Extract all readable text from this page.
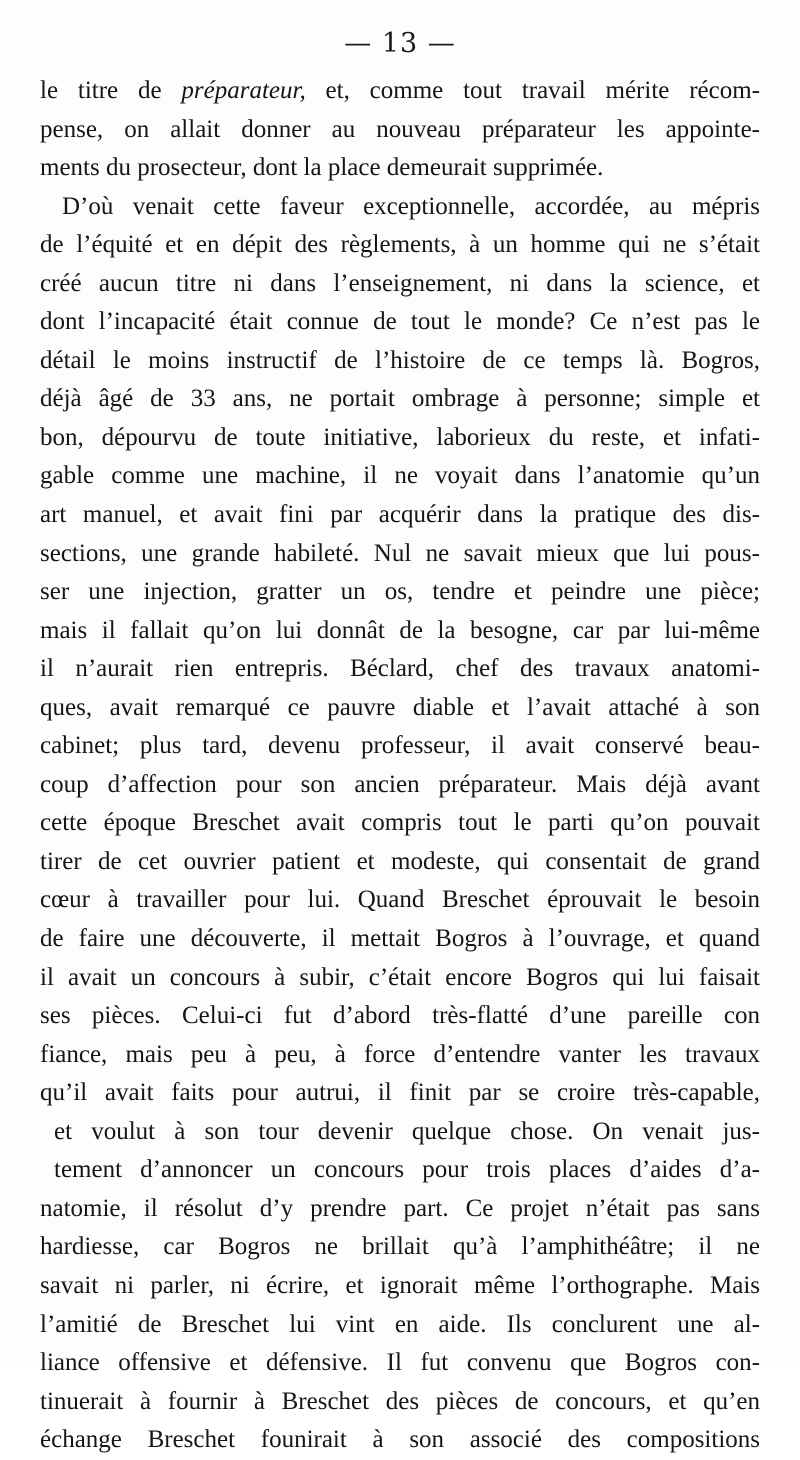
— 13 —
le titre de préparateur, et, comme tout travail mérite récom-
pense, on allait donner au nouveau préparateur les appointe-
ments du prosecteur, dont la place demeurait supprimée.
D’où venait cette faveur exceptionnelle, accordée, au mépris
de l’équité et en dépit des règlements, à un homme qui ne s’était
créé aucun titre ni dans l’enseignement, ni dans la science, et
dont l’incapacité était connue de tout le monde? Ce n’est pas le
détail le moins instructif de l’histoire de ce temps là. Bogros,
déjà âgé de 33 ans, ne portait ombrage à personne; simple et
bon, dépourvu de toute initiative, laborieux du reste, et infati-
gable comme une machine, il ne voyait dans l’anatomie qu’un
art manuel, et avait fini par acquérir dans la pratique des dis-
sections, une grande habileté. Nul ne savait mieux que lui pous-
ser une injection, gratter un os, tendre et peindre une pièce;
mais il fallait qu’on lui donnât de la besogne, car par lui-même
il n’aurait rien entrepris. Béclard, chef des travaux anatomi-
ques, avait remarqué ce pauvre diable et l’avait attaché à son
cabinet; plus tard, devenu professeur, il avait conservé beau-
coup d’affection pour son ancien préparateur. Mais déjà avant
cette époque Breschet avait compris tout le parti qu’on pouvait
tirer de cet ouvrier patient et modeste, qui consentait de grand
cœur à travailler pour lui. Quand Breschet éprouvait le besoin
de faire une découverte, il mettait Bogros à l’ouvrage, et quand
il avait un concours à subir, c’était encore Bogros qui lui faisait
ses pièces. Celui-ci fut d’abord très-flatté d’une pareille con
fiance, mais peu à peu, à force d’entendre vanter les travaux
qu’il avait faits pour autrui, il finit par se croire très-capable,
et voulut à son tour devenir quelque chose. On venait jus-
tement d’annoncer un concours pour trois places d’aides d’a-
natomie, il résolut d’y prendre part. Ce projet n’était pas sans
hardiesse, car Bogros ne brillait qu’à l’amphithéâtre; il ne
savait ni parler, ni écrire, et ignorait même l’orthographe. Mais
l’amitié de Breschet lui vint en aide. Ils conclurent une al-
liance offensive et défensive. Il fut convenu que Bogros con-
tinuerait à fournir à Breschet des pièces de concours, et qu’en
échange Breschet founirait à son associé des compositions
